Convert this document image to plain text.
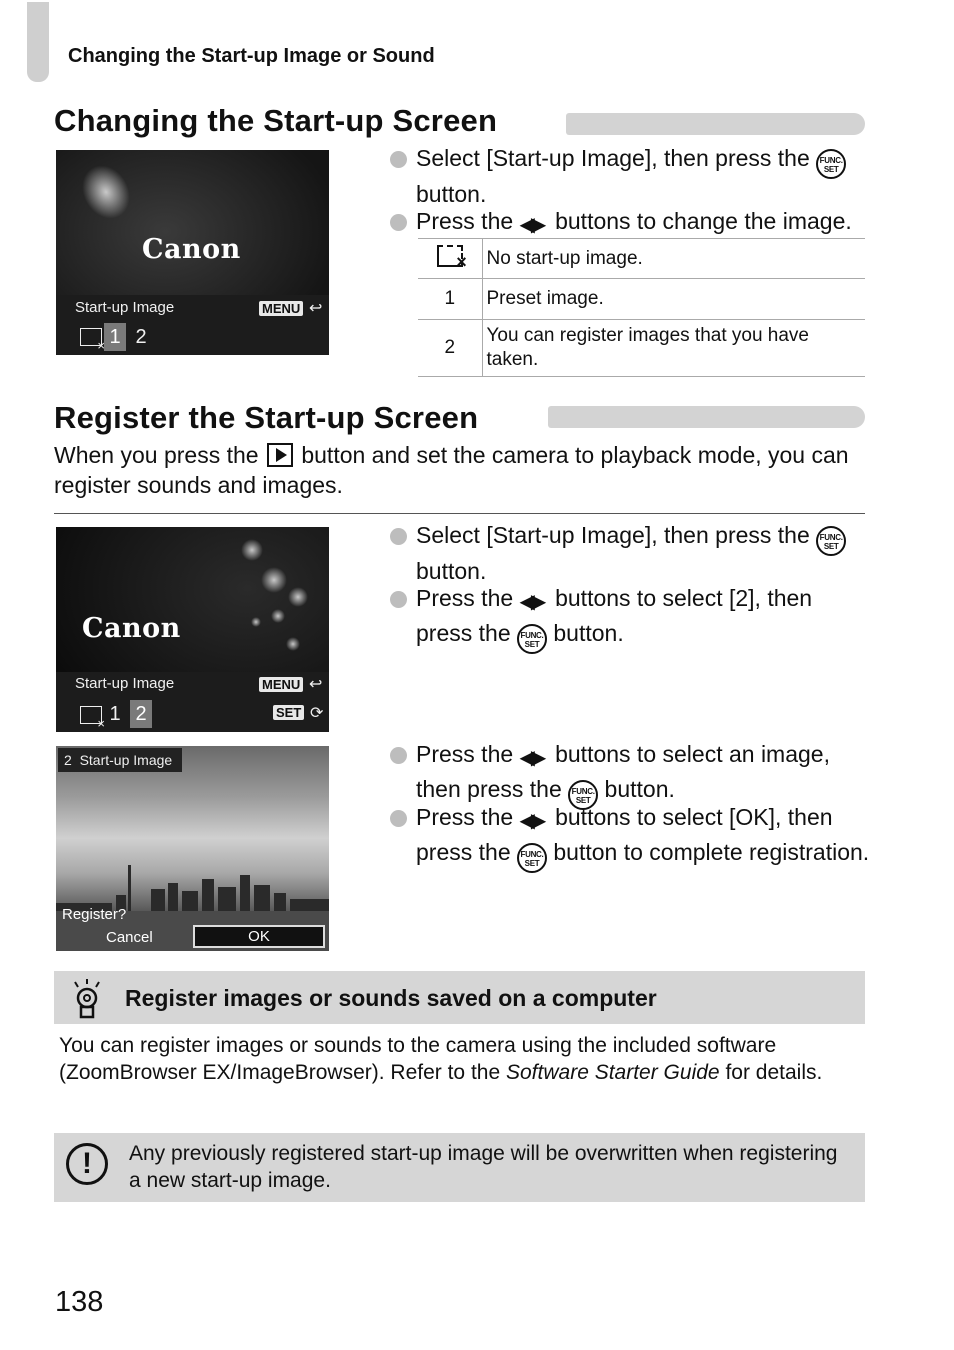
Changing the Start-up Image or Sound
Changing the Start-up Screen
Canon
Start-up Image	MENU ↩
×
1 2
Select [Start-up Image], then press the FUNC.
SET
button.
Press the ◀▶ buttons to change the image.
×	No start-up image.
1	Preset image.
2	You can register images that you have taken.
Register the Start-up Screen
When you press the button and set the camera to playback mode, you can register sounds and images.
Canon
Start-up Image	MENU ↩
×
1 2	SET ⟳
Select [Start-up Image], then press the FUNC.
SET
button.
Press the ◀▶ buttons to select [2], then press the FUNC.
SET button.
2 Start-up Image
Register?
Cancel	OK
Press the ◀▶ buttons to select an image, then press the FUNC.
SET button.
Press the ◀▶ buttons to select [OK], then press the FUNC.
SET button to complete registration.
Register images or sounds saved on a computer
You can register images or sounds to the camera using the included software (ZoomBrowser EX/ImageBrowser). Refer to the Software Starter Guide for details.
!	Any previously registered start-up image will be overwritten when registering a new start-up image.
138
